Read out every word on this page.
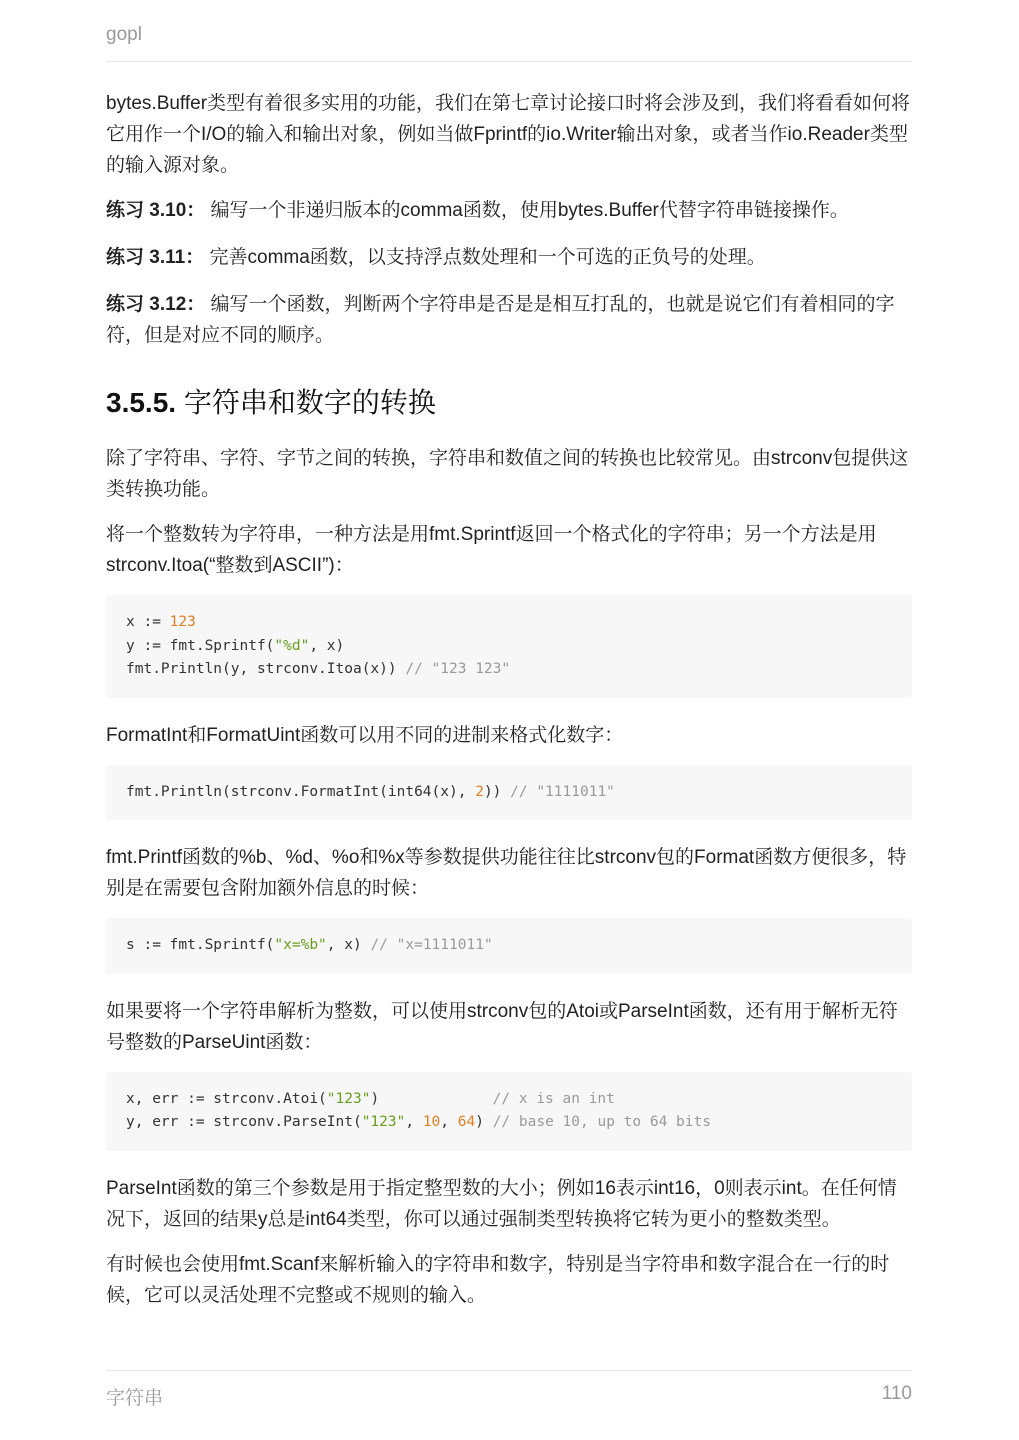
gopl

bytes.Buffer类型有着很多实用的功能，我们在第七章讨论接口时将会涉及到，我们将看看如何将它用作一个I/O的输入和输出对象，例如当做Fprintf的io.Writer输出对象，或者当作io.Reader类型的输入源对象。

练习 3.10： 编写一个非递归版本的comma函数，使用bytes.Buffer代替字符串链接操作。

练习 3.11： 完善comma函数，以支持浮点数处理和一个可选的正负号的处理。

练习 3.12： 编写一个函数，判断两个字符串是否是是相互打乱的，也就是说它们有着相同的字符，但是对应不同的顺序。

3.5.5. 字符串和数字的转换

除了字符串、字符、字节之间的转换，字符串和数值之间的转换也比较常见。由strconv包提供这类转换功能。

将一个整数转为字符串，一种方法是用fmt.Sprintf返回一个格式化的字符串；另一个方法是用strconv.Itoa(“整数到ASCII”)：

x := 123
y := fmt.Sprintf("%d", x)
fmt.Println(y, strconv.Itoa(x)) // "123 123"

FormatInt和FormatUint函数可以用不同的进制来格式化数字：

fmt.Println(strconv.FormatInt(int64(x), 2)) // "1111011"

fmt.Printf函数的%b、%d、%o和%x等参数提供功能往往比strconv包的Format函数方便很多，特别是在需要包含附加额外信息的时候：

s := fmt.Sprintf("x=%b", x) // "x=1111011"

如果要将一个字符串解析为整数，可以使用strconv包的Atoi或ParseInt函数，还有用于解析无符号整数的ParseUint函数：

x, err := strconv.Atoi("123")             // x is an int
y, err := strconv.ParseInt("123", 10, 64) // base 10, up to 64 bits

ParseInt函数的第三个参数是用于指定整型数的大小；例如16表示int16，0则表示int。在任何情况下，返回的结果y总是int64类型，你可以通过强制类型转换将它转为更小的整数类型。

有时候也会使用fmt.Scanf来解析输入的字符串和数字，特别是当字符串和数字混合在一行的时候，它可以灵活处理不完整或不规则的输入。

字符串	110
